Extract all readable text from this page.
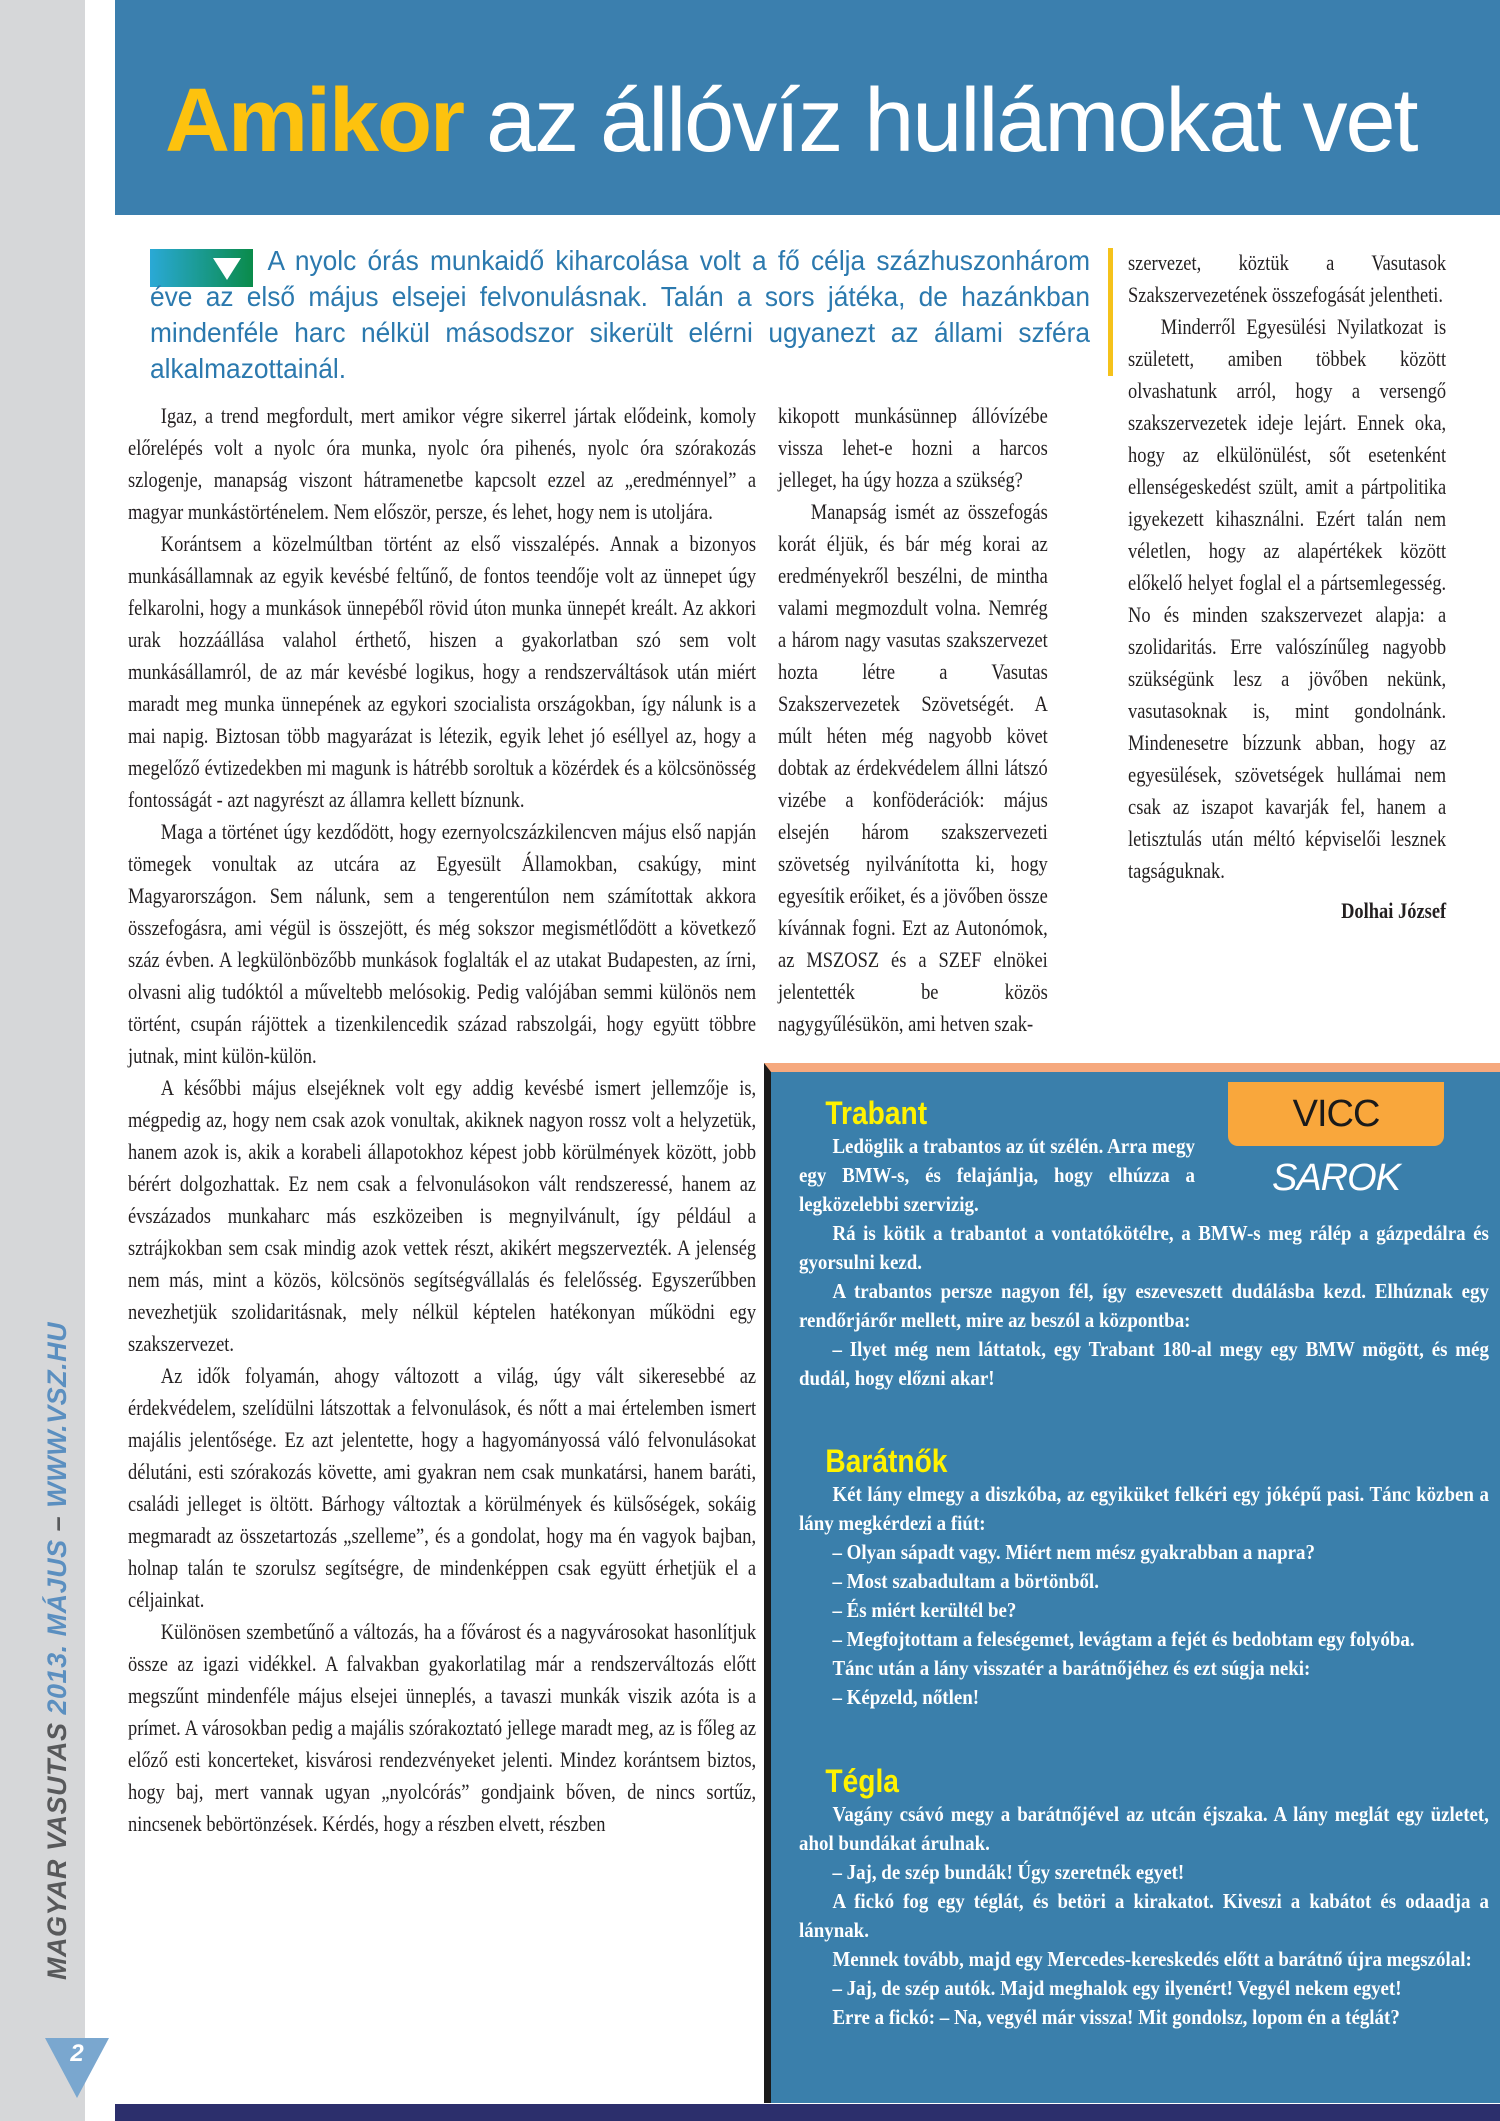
MAGYAR VASUTAS 2013. MÁJUS – WWW.VSZ.HU
2
Amikor az állóvíz hullámokat vet
A nyolc órás munkaidő kiharcolása volt a fő célja százhuszonhárom éve az első május elsejei felvonulásnak. Talán a sors játéka, de hazánkban mindenféle harc nélkül másodszor sikerült elérni ugyanezt az állami szféra alkalmazottainál.

Igaz, a trend megfordult, mert amikor végre sikerrel jártak elődeink, komoly előrelépés volt a nyolc óra munka, nyolc óra pihenés, nyolc óra szórakozás szlogenje, manapság viszont hátramenetbe kapcsolt ezzel az „eredménnyel” a magyar munkástörténelem. Nem először, persze, és lehet, hogy nem is utoljára.

Korántsem a közelmúltban történt az első visszalépés. Annak a bizonyos munkásállamnak az egyik kevésbé feltűnő, de fontos teendője volt az ünnepet úgy felkarolni, hogy a munkások ünnepéből rövid úton munka ünnepét kreált. Az akkori urak hozzáállása valahol érthető, hiszen a gyakorlatban szó sem volt munkásállamról, de az már kevésbé logikus, hogy a rendszerváltások után miért maradt meg munka ünnepének az egykori szocialista országokban, így nálunk is a mai napig. Biztosan több magyarázat is létezik, egyik lehet jó eséllyel az, hogy a megelőző évtizedekben mi magunk is hátrébb soroltuk a közérdek és a kölcsönösség fontosságát - azt nagyrészt az államra kellett bíznunk.

Maga a történet úgy kezdődött, hogy ezernyolcszázkilencven május első napján tömegek vonultak az utcára az Egyesült Államokban, csakúgy, mint Magyarországon. Sem nálunk, sem a tengerentúlon nem számítottak akkora összefogásra, ami végül is összejött, és még sokszor megismétlődött a következő száz évben. A legkülönbözőbb munkások foglalták el az utakat Budapesten, az írni, olvasni alig tudóktól a műveltebb melósokig. Pedig valójában semmi különös nem történt, csupán rájöttek a tizenkilencedik század rabszolgái, hogy együtt többre jutnak, mint külön-külön.

A későbbi május elsejéknek volt egy addig kevésbé ismert jellemzője is, mégpedig az, hogy nem csak azok vonultak, akiknek nagyon rossz volt a helyzetük, hanem azok is, akik a korabeli állapotokhoz képest jobb körülmények között, jobb bérért dolgozhattak. Ez nem csak a felvonulásokon vált rendszeressé, hanem az évszázados munkaharc más eszközeiben is megnyilvánult, így például a sztrájkokban sem csak mindig azok vettek részt, akikért megszervezték. A jelenség nem más, mint a közös, kölcsönös segítségvállalás és felelősség. Egyszerűbben nevezhetjük szolidaritásnak, mely nélkül képtelen hatékonyan működni egy szakszervezet.

Az idők folyamán, ahogy változott a világ, úgy vált sikeresebbé az érdekvédelem, szelídülni látszottak a felvonulások, és nőtt a mai értelemben ismert majális jelentősége. Ez azt jelentette, hogy a hagyományossá váló felvonulásokat délutáni, esti szórakozás követte, ami gyakran nem csak munkatársi, hanem baráti, családi jelleget is öltött. Bárhogy változtak a körülmények és külsőségek, sokáig megmaradt az összetartozás „szelleme”, és a gondolat, hogy ma én vagyok bajban, holnap talán te szorulsz segítségre, de mindenképpen csak együtt érhetjük el a céljainkat.

Különösen szembetűnő a változás, ha a fővárost és a nagyvárosokat hasonlítjuk össze az igazi vidékkel. A falvakban gyakorlatilag már a rendszerváltozás előtt megszűnt mindenféle május elsejei ünneplés, a tavaszi munkák viszik azóta is a prímet. A városokban pedig a majális szórakoztató jellege maradt meg, az is főleg az előző esti koncerteket, kisvárosi rendezvényeket jelenti. Mindez korántsem biztos, hogy baj, mert vannak ugyan „nyolcórás” gondjaink bőven, de nincs sortűz, nincsenek bebörtönzések. Kérdés, hogy a részben elvett, részben

kikopott munkásünnep állóvízébe vissza lehet-e hozni a harcos jelleget, ha úgy hozza a szükség?

Manapság ismét az összefogás korát éljük, és bár még korai az eredményekről beszélni, de mintha valami megmozdult volna. Nemrég a három nagy vasutas szakszervezet hozta létre a Vasutas Szakszervezetek Szövetségét. A múlt héten még nagyobb követ dobtak az érdekvédelem állni látszó vizébe a konföderációk: május elsején három szakszervezeti szövetség nyilvánította ki, hogy egyesítik erőiket, és a jövőben össze kívánnak fogni. Ezt az Autonómok, az MSZOSZ és a SZEF elnökei jelentették be közös nagygyűlésükön, ami hetven szak-

szervezet, köztük a Vasutasok Szakszervezetének összefogását jelentheti.

Minderről Egyesülési Nyilatkozat is született, amiben többek között olvashatunk arról, hogy a versengő szakszervezetek ideje lejárt. Ennek oka, hogy az elkülönülést, sőt esetenként ellenségeskedést szült, amit a pártpolitika igyekezett kihasználni. Ezért talán nem véletlen, hogy az alapértékek között előkelő helyet foglal el a pártsemlegesség. No és minden szakszervezet alapja: a szolidaritás. Erre valószínűleg nagyobb szükségünk lesz a jövőben nekünk, vasutasoknak is, mint gondolnánk. Mindenesetre bízzunk abban, hogy az egyesülések, szövetségek hullámai nem csak az iszapot kavarják fel, hanem a letisztulás után méltó képviselői lesznek tagságuknak.

Dolhai József

VICC SAROK
Trabant

Ledöglik a trabantos az út szélén. Arra megy egy BMW-s, és felajánlja, hogy elhúzza a legközelebbi szervizig.

Rá is kötik a trabantot a vontatókötélre, a BMW-s meg rálép a gázpedálra és gyorsulni kezd.

A trabantos persze nagyon fél, így eszeveszett dudálásba kezd. Elhúznak egy rendőrjárőr mellett, mire az beszól a központba:

– Ilyet még nem láttatok, egy Trabant 180-al megy egy BMW mögött, és még dudál, hogy előzni akar!

Barátnők

Két lány elmegy a diszkóba, az egyiküket felkéri egy jóképű pasi. Tánc közben a lány megkérdezi a fiút:

– Olyan sápadt vagy. Miért nem mész gyakrabban a napra?

– Most szabadultam a börtönből.

– És miért kerültél be?

– Megfojtottam a feleségemet, levágtam a fejét és bedobtam egy folyóba.

Tánc után a lány visszatér a barátnőjéhez és ezt súgja neki:

– Képzeld, nőtlen!

Tégla

Vagány csávó megy a barátnőjével az utcán éjszaka. A lány meglát egy üzletet, ahol bundákat árulnak.

– Jaj, de szép bundák! Úgy szeretnék egyet!

A fickó fog egy téglát, és betöri a kirakatot. Kiveszi a kabátot és odaadja a lánynak.

Mennek tovább, majd egy Mercedes-kereskedés előtt a barátnő újra megszólal:

– Jaj, de szép autók. Majd meghalok egy ilyenért! Vegyél nekem egyet!

Erre a fickó: – Na, vegyél már vissza! Mit gondolsz, lopom én a téglát?
